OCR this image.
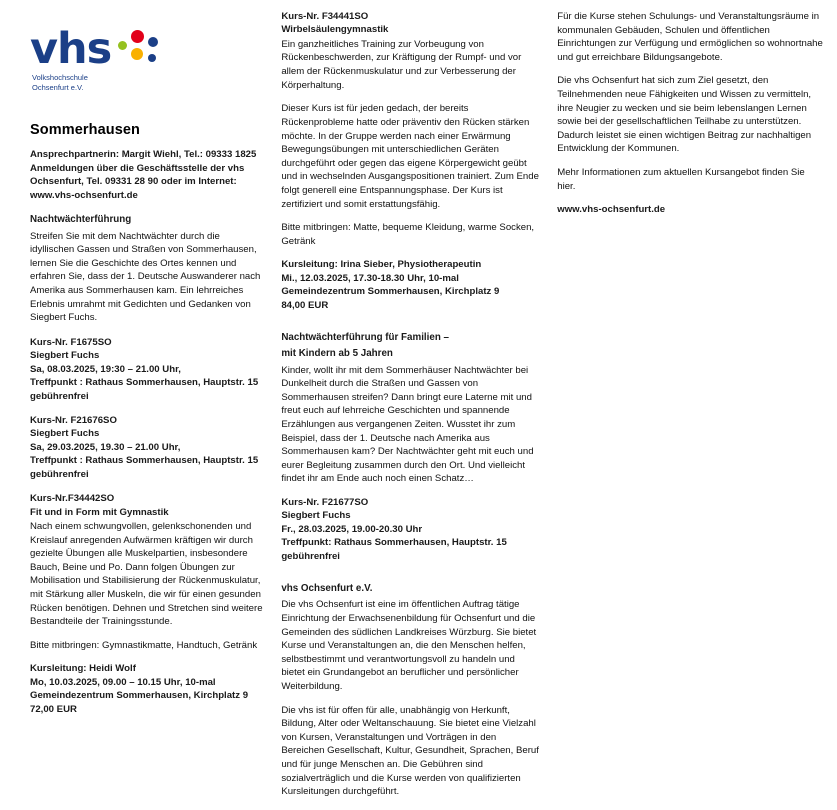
vhs
Volkshochschule
Ochsenfurt e.V.
Sommerhausen
Ansprechpartnerin: Margit Wiehl, Tel.: 09333 1825
Anmeldungen über die Geschäftsstelle der vhs
Ochsenfurt, Tel. 09331 28 90 oder im Internet:
www.vhs-ochsenfurt.de
Nachtwächterführung

Streifen Sie mit dem Nachtwächter durch die idyllischen Gassen und Straßen von Sommerhausen, lernen Sie die Geschichte des Ortes kennen und erfahren Sie, dass der 1. Deutsche Auswanderer nach Amerika aus Sommerhausen kam. Ein lehrreiches Erlebnis umrahmt mit Gedichten und Gedanken von Siegbert Fuchs.

Kurs-Nr. F1675SO
Siegbert Fuchs
Sa, 08.03.2025, 19:30 – 21.00 Uhr,
Treffpunkt : Rathaus Sommerhausen, Hauptstr. 15
gebührenfrei
Kurs-Nr. F21676SO
Siegbert Fuchs
Sa, 29.03.2025, 19.30 – 21.00 Uhr,
Treffpunkt : Rathaus Sommerhausen, Hauptstr. 15
gebührenfrei
Kurs-Nr.F34442SO
Fit und in Form mit Gymnastik

Nach einem schwungvollen, gelenkschonenden und Kreislauf anregenden Aufwärmen kräftigen wir durch gezielte Übungen alle Muskelpartien, insbesondere Bauch, Beine und Po. Dann folgen Übungen zur Mobilisation und Stabilisierung der Rückenmuskulatur, mit Stärkung aller Muskeln, die wir für einen gesunden Rücken benötigen. Dehnen und Stretchen sind weitere Bestandteile der Trainingsstunde.

Bitte mitbringen: Gymnastikmatte, Handtuch, Getränk

Kursleitung: Heidi Wolf
Mo, 10.03.2025, 09.00 – 10.15 Uhr, 10-mal
Gemeindezentrum Sommerhausen, Kirchplatz 9
72,00 EUR
Kurs-Nr. F34441SO
Wirbelsäulengymnastik

Ein ganzheitliches Training zur Vorbeugung von Rückenbeschwerden, zur Kräftigung der Rumpf- und vor allem der Rückenmuskulatur und zur Verbesserung der Körperhaltung.

Dieser Kurs ist für jeden gedach, der bereits Rückenprobleme hatte oder präventiv den Rücken stärken möchte. In der Gruppe werden nach einer Erwärmung Bewegungsübungen mit unterschiedlichen Geräten durchgeführt oder gegen das eigene Körpergewicht geübt und in wechselnden Ausgangspositionen trainiert. Zum Ende folgt generell eine Entspannungsphase. Der Kurs ist zertifiziert und somit erstattungsfähig.

Bitte mitbringen: Matte, bequeme Kleidung, warme Socken, Getränk

Kursleitung: Irina Sieber, Physiotherapeutin
Mi., 12.03.2025, 17.30-18.30 Uhr, 10-mal
Gemeindezentrum Sommerhausen, Kirchplatz 9
84,00 EUR
Nachtwächterführung für Familien –
mit Kindern ab 5 Jahren

Kinder, wollt ihr mit dem Sommerhäuser Nachtwächter bei Dunkelheit durch die Straßen und Gassen von Sommerhausen streifen? Dann bringt eure Laterne mit und freut euch auf lehrreiche Geschichten und spannende Erzählungen aus vergangenen Zeiten. Wusstet ihr zum Beispiel, dass der 1. Deutsche nach Amerika aus Sommerhausen kam? Der Nachtwächter geht mit euch und eurer Begleitung zusammen durch den Ort. Und vielleicht findet ihr am Ende auch noch einen Schatz…

Kurs-Nr. F21677SO
Siegbert Fuchs
Fr., 28.03.2025, 19.00-20.30 Uhr
Treffpunkt: Rathaus Sommerhausen, Hauptstr. 15
gebührenfrei
vhs Ochsenfurt e.V.

Die vhs Ochsenfurt ist eine im öffentlichen Auftrag tätige Einrichtung der Erwachsenenbildung für Ochsenfurt und die Gemeinden des südlichen Landkreises Würzburg. Sie bietet Kurse und Veranstaltungen an, die den Menschen helfen, selbstbestimmt und verantwortungsvoll zu handeln und bietet ein Grundangebot an beruflicher und persönlicher Weiterbildung.

Die vhs ist für offen für alle, unabhängig von Herkunft, Bildung, Alter oder Weltanschauung. Sie bietet eine Vielzahl von Kursen, Veranstaltungen und Vorträgen in den Bereichen Gesellschaft, Kultur, Gesundheit, Sprachen, Beruf und für junge Menschen an. Die Gebühren sind sozialverträglich und die Kurse werden von qualifizierten Kursleitungen durchgeführt.

Für die Kurse stehen Schulungs- und Veranstaltungsräume in kommunalen Gebäuden, Schulen und öffentlichen Einrichtungen zur Verfügung und ermöglichen so wohnortnahe und gut erreichbare Bildungsangebote.

Die vhs Ochsenfurt hat sich zum Ziel gesetzt, den Teilnehmenden neue Fähigkeiten und Wissen zu vermitteln, ihre Neugier zu wecken und sie beim lebenslangen Lernen sowie bei der gesellschaftlichen Teilhabe zu unterstützen. Dadurch leistet sie einen wichtigen Beitrag zur nachhaltigen Entwicklung der Kommunen.

Mehr Informationen zum aktuellen Kursangebot finden Sie hier.

www.vhs-ochsenfurt.de
